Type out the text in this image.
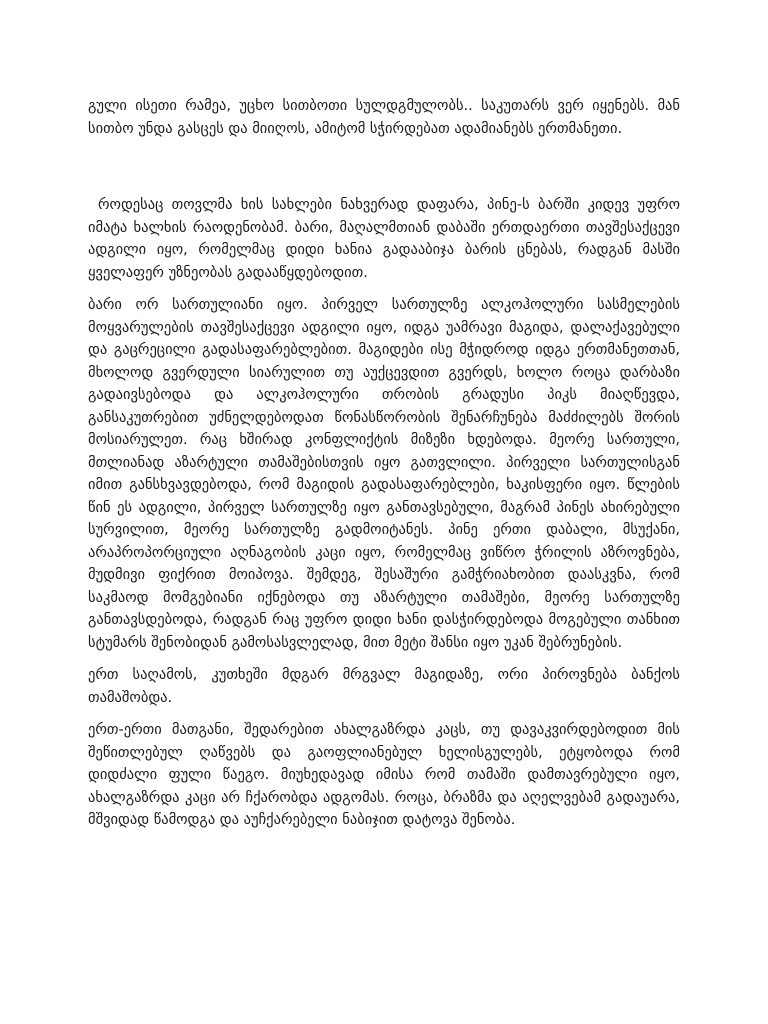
გული ისეთი რამეა, უცხო სითბოთი სულდგმულობს.. საკუთარს ვერ იყენებს. მან სითბო უნდა გასცეს და მიიღოს, ამიტომ სჭირდებათ ადამიანებს ერთმანეთი.

როდესაც თოვლმა ხის სახლები ნახვერად დაფარა, პინე-ს ბარში კიდევ უფრო იმატა ხალხის რაოდენობამ. ბარი, მაღალმთიან დაბაში ერთდაერთი თავშესაქცევი ადგილი იყო, რომელმაც დიდი ხანია გადააბიჯა ბარის ცნებას, რადგან მასში ყველაფერ უზნეობას გადააწყდებოდით.

ბარი ორ სართულიანი იყო. პირველ სართულზე ალკოჰოლური სასმელების მოყვარულების თავშესაქცევი ადგილი იყო, იდგა უამრავი მაგიდა, დალაქავებული და გაცრეცილი გადასაფარებლებით. მაგიდები ისე მჭიდროდ იდგა ერთმანეთთან, მხოლოდ გვერდული სიარულით თუ აუქცევდით გვერდს, ხოლო როცა დარბაზი გადაივსებოდა და ალკოჰოლური თრობის გრადუსი პიკს მიაღწევდა, განსაკუთრებით უძნელდებოდათ წონასწორობის შენარჩუნება მაძძილებს შორის მოსიარულეთ. რაც ხშირად კონფლიქტის მიზეზი ხდებოდა. მეორე სართული, მთლიანად აზარტული თამაშებისთვის იყო გათვლილი. პირველი სართულისგან იმით განსხვავდებოდა, რომ მაგიდის გადასაფარებლები, ხაკისფერი იყო. წლების წინ ეს ადგილი, პირველ სართულზე იყო განთავსებული, მაგრამ პინეს ახირებული სურვილით, მეორე სართულზე გადმოიტანეს. პინე ერთი დაბალი, მსუქანი, არაპროპორციული აღნაგობის კაცი იყო, რომელმაც ვიწრო ჭრილის აზროვნება, მუდმივი ფიქრით მოიპოვა. შემდეგ, შესაშური გამჭრიახობით დაასკვნა, რომ საკმაოდ მომგებიანი იქნებოდა თუ აზარტული თამაშები, მეორე სართულზე განთავსდებოდა, რადგან რაც უფრო დიდი ხანი დასჭირდებოდა მოგებული თანხით სტუმარს შენობიდან გამოსასვლელად, მით მეტი შანსი იყო უკან შებრუნების.

ერთ საღამოს, კუთხეში მდგარ მრგვალ მაგიდაზე, ორი პიროვნება ბანქოს თამაშობდა.

ერთ-ერთი მათგანი, შედარებით ახალგაზრდა კაცს, თუ დავაკვირდებოდით მის შეწითლებულ ღაწვებს და გაოფლიანებულ ხელისგულებს, ეტყობოდა რომ დიდძალი ფული წაეგო. მიუხედავად იმისა რომ თამაში დამთავრებული იყო, ახალგაზრდა კაცი არ ჩქარობდა ადგომას. როცა, ბრაზმა და აღელვებამ გადაუარა, მშვიდად წამოდგა და აუჩქარებელი ნაბიჯით დატოვა შენობა.
